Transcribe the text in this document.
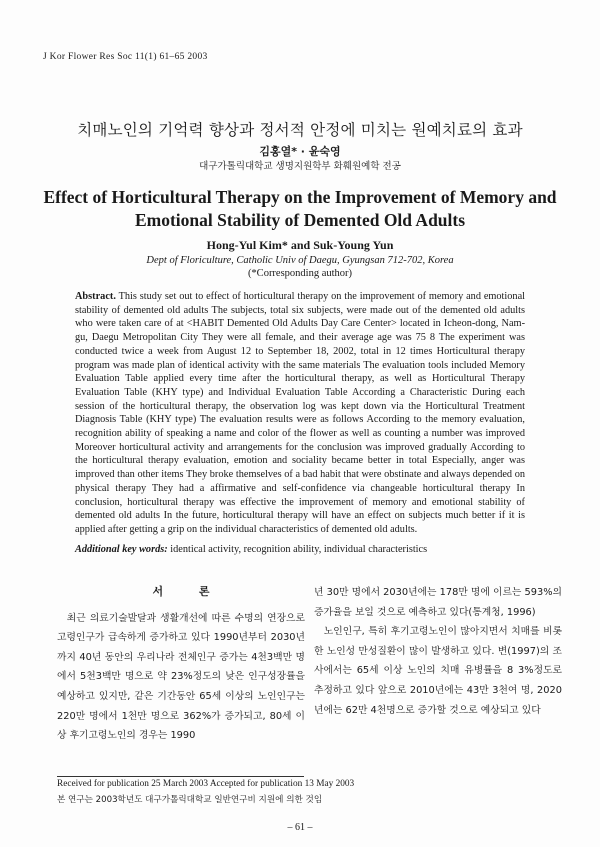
J Kor Flower Res Soc 11(1) 61–65 2003
치매노인의 기억력 향상과 정서적 안정에 미치는 원예치료의 효과
김홍열* · 윤숙영
대구가톨릭대학교 생명지원학부 화훼원예학 전공
Effect of Horticultural Therapy on the Improvement of Memory and Emotional Stability of Demented Old Adults
Hong-Yul Kim* and Suk-Young Yun
Dept of Floriculture, Catholic Univ of Daegu, Gyungsan 712-702, Korea
(*Corresponding author)
Abstract. This study set out to effect of horticultural therapy on the improvement of memory and emotional stability of demented old adults The subjects, total six subjects, were made out of the demented old adults who were taken care of at <HABIT Demented Old Adults Day Care Center> located in Icheon-dong, Nam-gu, Daegu Metropolitan City They were all female, and their average age was 75 8 The experiment was conducted twice a week from August 12 to September 18, 2002, total in 12 times Horticultural therapy program was made plan of identical activity with the same materials The evaluation tools included Memory Evaluation Table applied every time after the horticultural therapy, as well as Horticultural Therapy Evaluation Table (KHY type) and Individual Evaluation Table According a Characteristic During each session of the horticultural therapy, the observation log was kept down via the Horticultural Treatment Diagnosis Table (KHY type) The evaluation results were as follows According to the memory evaluation, recognition ability of speaking a name and color of the flower as well as counting a number was improved Moreover horticultural activity and arrangements for the conclusion was improved gradually According to the horticultural therapy evaluation, emotion and sociality became better in total Especially, anger was improved than other items They broke themselves of a bad habit that were obstinate and always depended on physical therapy They had a affirmative and self-confidence via changeable horticultural therapy In conclusion, horticultural therapy was effective the improvement of memory and emotional stability of demented old adults In the future, horticultural therapy will have an effect on subjects much better if it is applied after getting a grip on the individual characteristics of demented old adults.
Additional key words: identical activity, recognition ability, individual characteristics

서 론

최근 의료기술발달과 생활개선에 따른 수명의 연장으로 고령인구가 급속하게 증가하고 있다 1990년부터 2030년까지 40년 동안의 우리나라 전체인구 증가는 4천3백만 명에서 5천3백만 명으로 약 23%정도의 낮은 인구성장률을 예상하고 있지만, 같은 기간동안 65세 이상의 노인인구는 220만 명에서 1천만 명으로 362%가 증가되고, 80세 이상 후기고령노인의 경우는 1990

년 30만 명에서 2030년에는 178만 명에 이르는 593%의 증가율을 보일 것으로 예측하고 있다(통계청, 1996)

노인인구, 특히 후기고령노인이 많아지면서 치매를 비롯한 노인성 만성질환이 많이 발생하고 있다. 변(1997)의 조사에서는 65세 이상 노인의 치매 유병률을 8 3%정도로 추정하고 있다 앞으로 2010년에는 43만 3천여 명, 2020년에는 62만 4천명으로 증가할 것으로 예상되고 있다

Received for publication 25 March 2003 Accepted for publication 13 May 2003
본 연구는 2003학년도 대구가톨릭대학교 일반연구비 지원에 의한 것임
– 61 –
